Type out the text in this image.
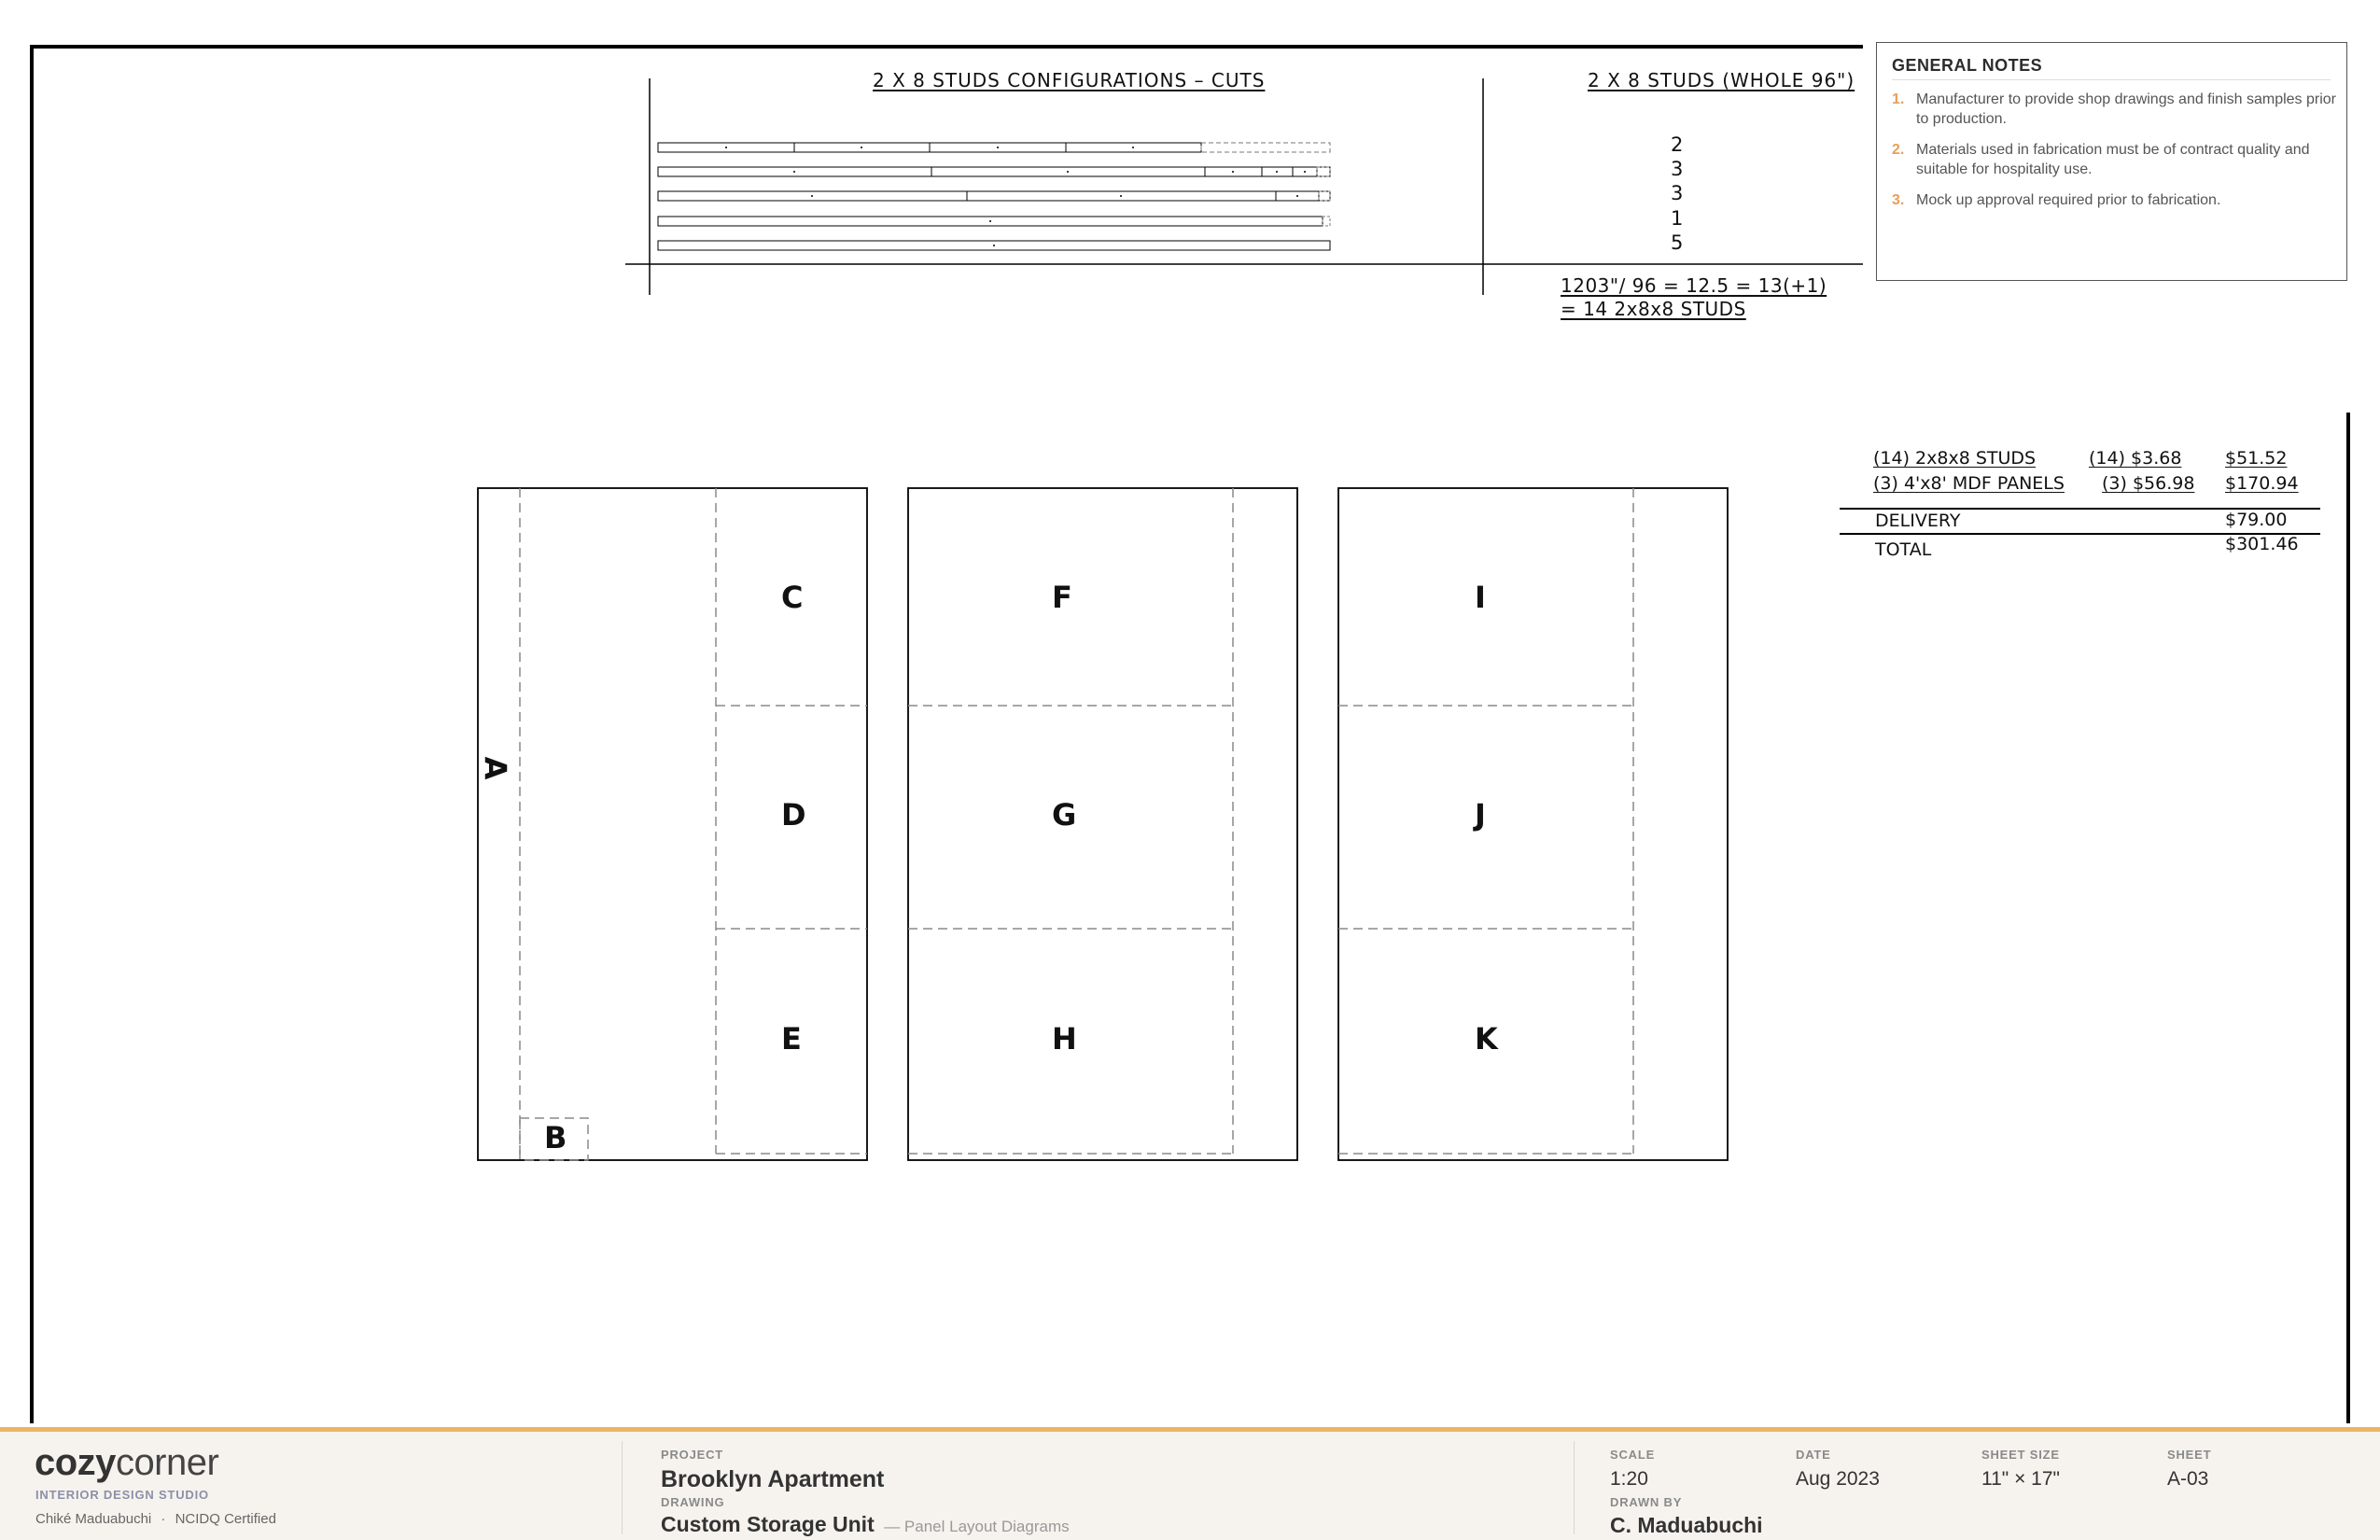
2 X 8 STUDS CONFIGURATIONS – CUTS	2 X 8 STUDS (WHOLE 96")
2
3
3
1
5
1203"/ 96 = 12.5 = 13(+1)
= 14 2x8x8 STUDS
GENERAL NOTES
1. Manufacturer to provide shop drawings and finish samples prior to production.
2. Materials used in fabrication must be of contract quality and suitable for hospitality use.
3. Mock up approval required prior to fabrication.
(14) 2x8x8 STUDS	(14) $3.68 $51.52
(3) 4'x8' MDF PANELS (3) $56.98 $170.94
DELIVERY	$79.00
TOTAL	$301.46
A
B
C
D
E
F
G
H
I
J
K
cozycorner
INTERIOR DESIGN STUDIO
Chiké Maduabuchi · NCIDQ Certified
PROJECT
Brooklyn Apartment
DRAWING
Custom Storage Unit — Panel Layout Diagrams
SCALE
1:20
DATE
Aug 2023
SHEET SIZE
11" × 17"
SHEET
A-03
DRAWN BY
C. Maduabuchi
